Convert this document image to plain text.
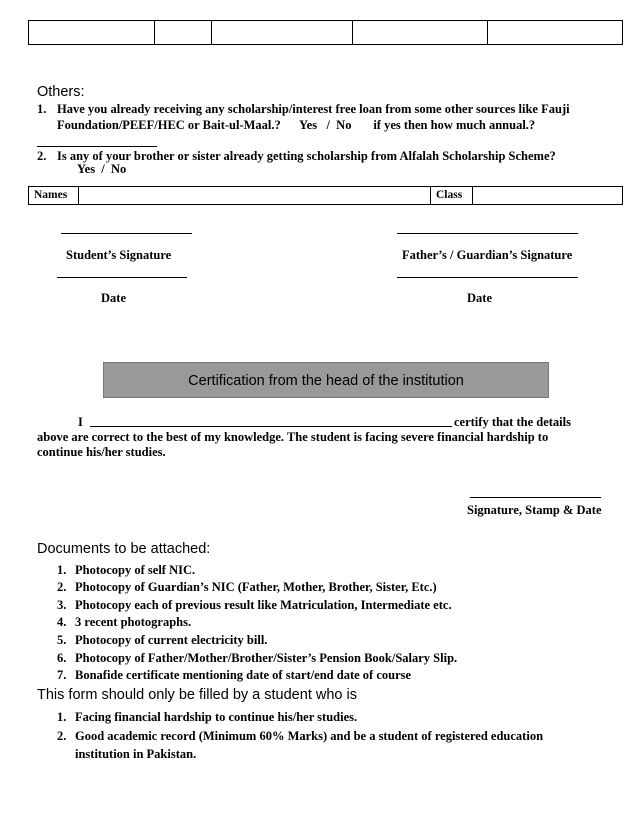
Others:
1. Have you already receiving any scholarship/interest free loan from some other sources like Fauji
Foundation/PEEF/HEC or Bait-ul-Maal.?      Yes   /  No       if yes then how much annual.?
2. Is any of your brother or sister already getting scholarship from Alfalah Scholarship Scheme?
Yes  /  No
Names	Class
Student’s Signature	Father’s / Guardian’s Signature
Date	Date
Certification from the head of the institution
I	certify that the details
above are correct to the best of my knowledge. The student is facing severe financial hardship to
continue his/her studies.
Signature, Stamp & Date
Documents to be attached:
1. Photocopy of self NIC.
2. Photocopy of Guardian’s NIC (Father, Mother, Brother, Sister, Etc.)
3. Photocopy each of previous result like Matriculation, Intermediate etc.
4. 3 recent photographs.
5. Photocopy of current electricity bill.
6. Photocopy of Father/Mother/Brother/Sister’s Pension Book/Salary Slip.
7. Bonafide certificate mentioning date of start/end date of course
This form should only be filled by a student who is
1. Facing financial hardship to continue his/her studies.
2. Good academic record (Minimum 60% Marks) and be a student of registered education
institution in Pakistan.
